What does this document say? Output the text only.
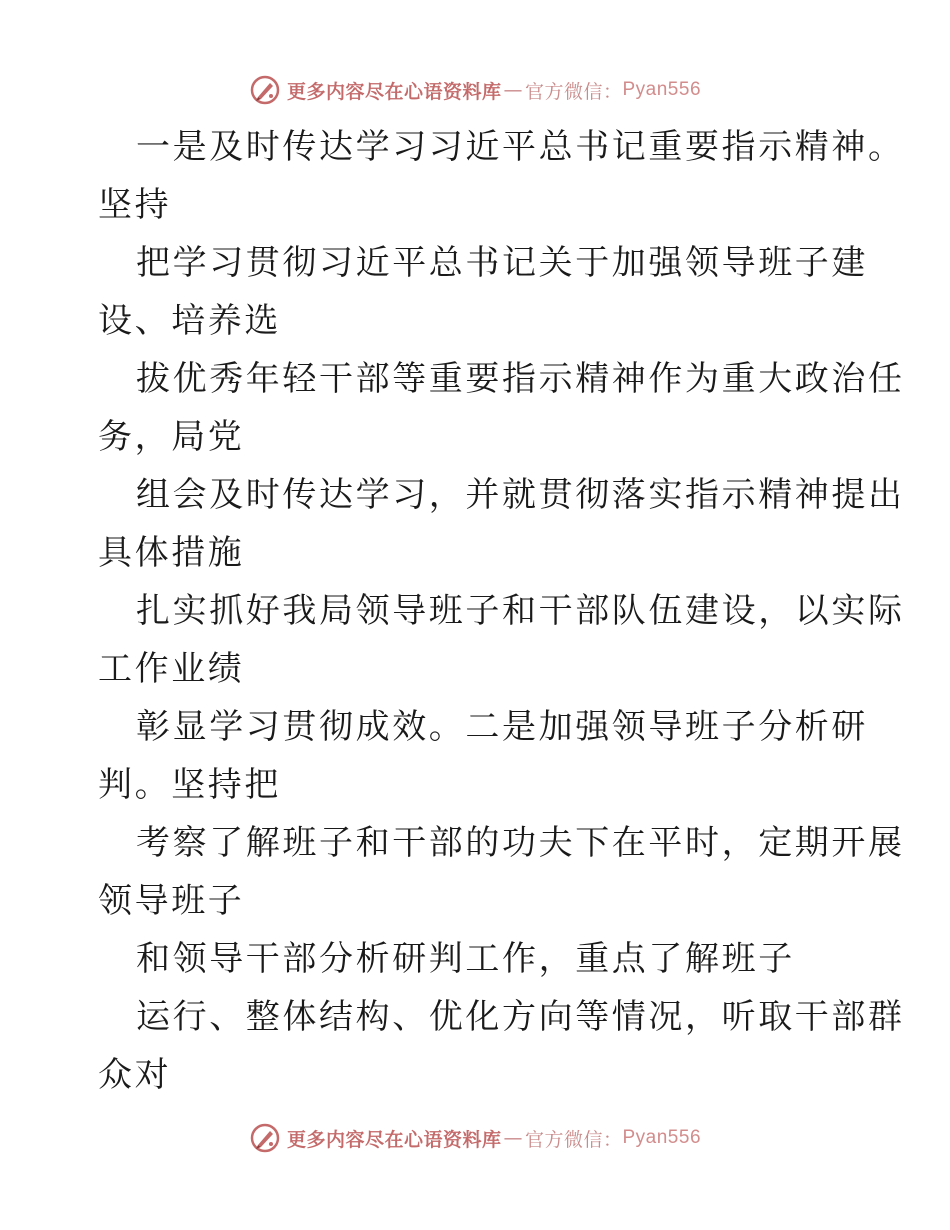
更多内容尽在心语资料库 — 官方微信： Pyan556
一是及时传达学习习近平总书记重要指示精神。
坚持
把学习贯彻习近平总书记关于加强领导班子建
设、培养选
拔优秀年轻干部等重要指示精神作为重大政治任
务，局党
组会及时传达学习，并就贯彻落实指示精神提出
具体措施
扎实抓好我局领导班子和干部队伍建设，以实际
工作业绩
彰显学习贯彻成效。二是加强领导班子分析研
判。坚持把
考察了解班子和干部的功夫下在平时，定期开展
领导班子
和领导干部分析研判工作，重点了解班子
运行、整体结构、优化方向等情况，听取干部群
众对
更多内容尽在心语资料库 — 官方微信： Pyan556
